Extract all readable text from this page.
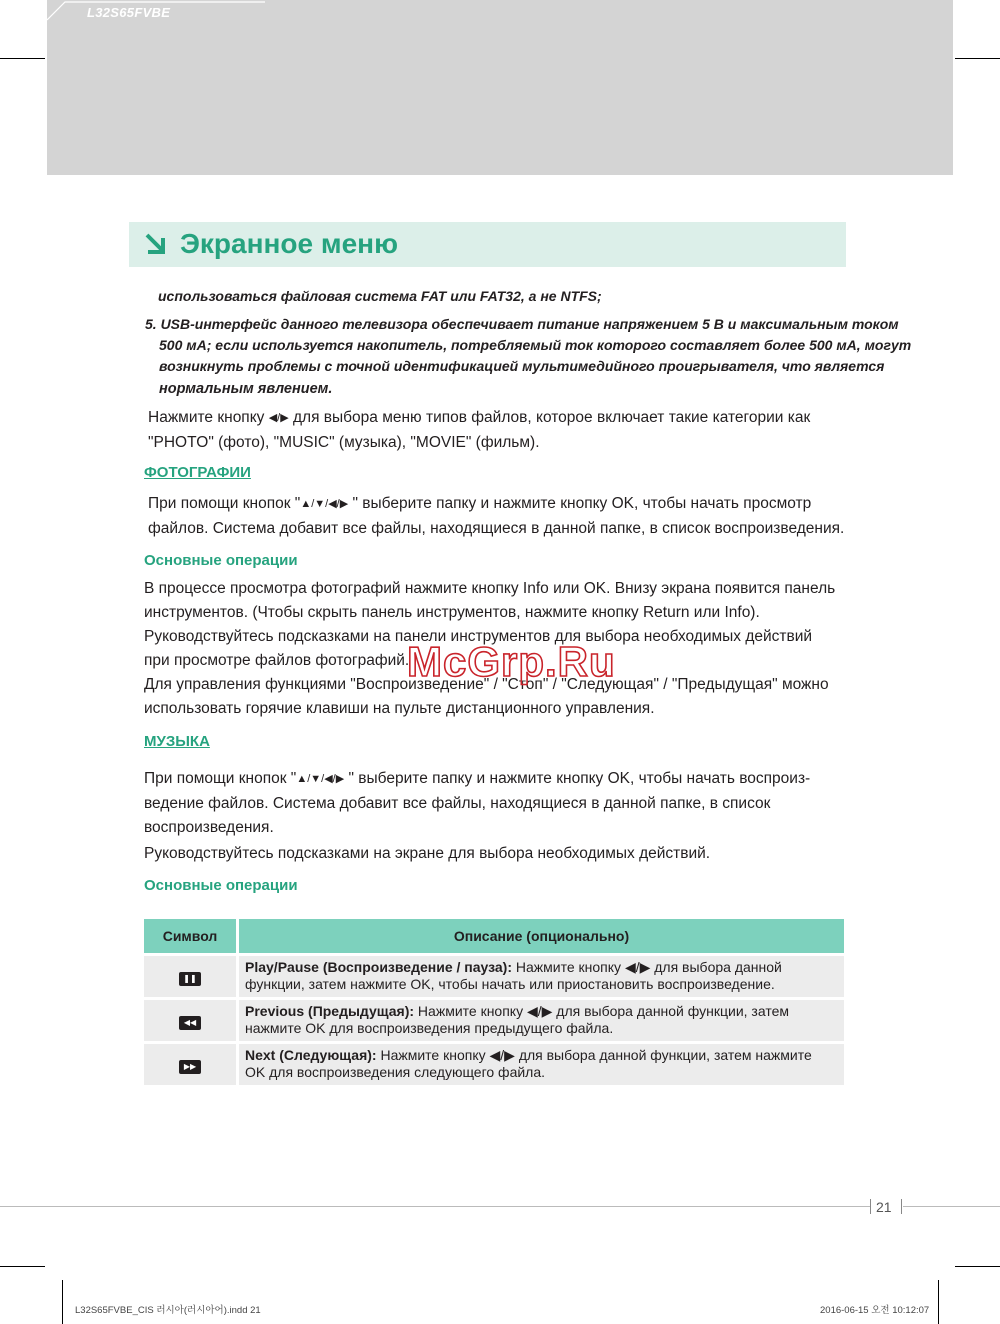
L32S65FVBE
Экранное меню
использоваться файловая система FAT или FAT32, а не NTFS;
5. USB-интерфейс данного телевизора обеспечивает питание напряжением 5 В и максимальным током
500 мА; если используется накопитель, потребляемый ток которого составляет более 500 мА, могут
возникнуть проблемы с точной идентификацией мультимедийного проигрывателя, что является
нормальным явлением.
Нажмите кнопку ◀/▶ для выбора меню типов файлов, которое включает такие категории как
"PHOTO" (фото), "MUSIC" (музыка), "MOVIE" (фильм).
ФОТОГРАФИИ
При помощи кнопок "▲/▼/◀/▶ " выберите папку и нажмите кнопку OK, чтобы начать просмотр
файлов. Система добавит все файлы, находящиеся в данной папке, в список воспроизведения.
Основные операции
В процессе просмотра фотографий нажмите кнопку Info или OK. Внизу экрана появится панель
инструментов. (Чтобы скрыть панель инструментов, нажмите кнопку Return или Info).
Руководствуйтесь подсказками на панели инструментов для выбора необходимых действий
при просмотре файлов фотографий.
Для управления функциями "Воспроизведение" / "Стоп" / "Следующая" / "Предыдущая" можно
использовать горячие клавиши на пульте дистанционного управления.
МУЗЫКА
При помощи кнопок "▲/▼/◀/▶ " выберите папку и нажмите кнопку OK, чтобы начать воспроиз-
ведение файлов. Система добавит все файлы, находящиеся в данной папке, в список
воспроизведения.
Руководствуйтесь подсказками на экране для выбора необходимых действий.
Основные операции
Символ	Описание (опционально)
❚❚	Play/Pause (Воспроизведение / пауза): Нажмите кнопку ◀/▶ для выбора данной
функции, затем нажмите OK, чтобы начать или приостановить воспроизведение.
◀◀	Previous (Предыдущая): Нажмите кнопку ◀/▶ для выбора данной функции, затем
нажмите OK для воспроизведения предыдущего файла.
▶▶	Next (Следующая): Нажмите кнопку ◀/▶ для выбора данной функции, затем нажмите
OK для воспроизведения следующего файла.
McGrp.Ru
21
L32S65FVBE_CIS 러시아(러시아어).indd 21	2016-06-15 오전 10:12:07
